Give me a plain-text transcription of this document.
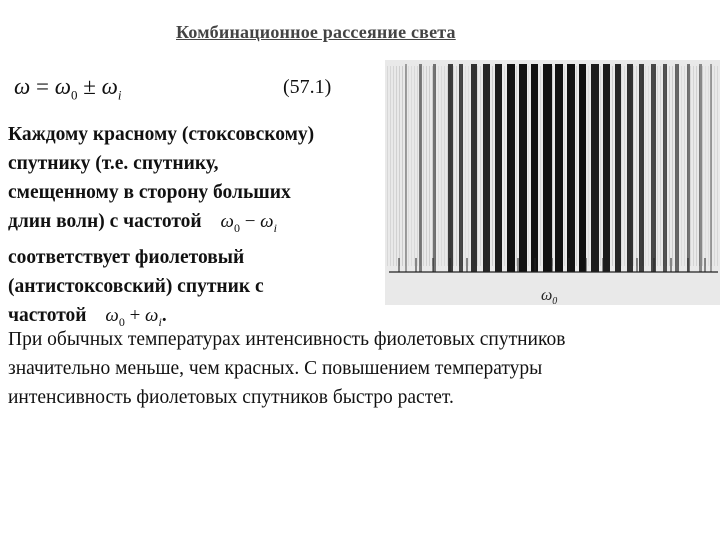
Комбинационное рассеяние света
$\omega = \omega_0 \pm \omega_i$	(57.1)
Каждому красному (стоксовскому)
спутнику (т.е. спутнику,
смещенному в сторону больших
длин волн) с частотой $\omega_0 - \omega_i$
соответствует фиолетовый
(антистоксовский) спутник с
частотой $\omega_0 + \omega_i$.
При обычных температурах интенсивность фиолетовых спутников
значительно меньше, чем красных. С повышением температуры
интенсивность фиолетовых спутников быстро растет.
$\omega_0$
